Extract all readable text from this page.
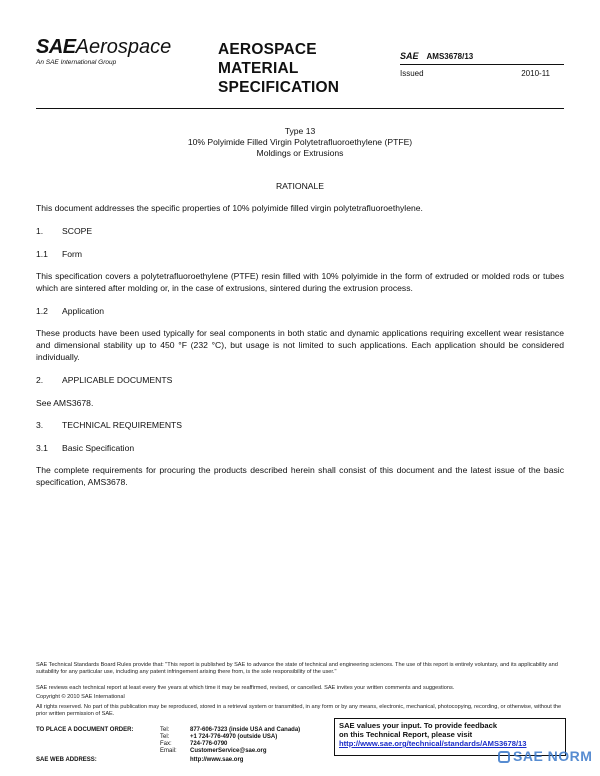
SAEAerospace
An SAE International Group
AEROSPACE
MATERIAL
SPECIFICATION
SAE AMS3678/13
Issued	2010-11
Type 13
10% Polyimide Filled Virgin Polytetrafluoroethylene (PTFE)
Moldings or Extrusions
RATIONALE
This document addresses the specific properties of 10% polyimide filled virgin polytetrafluoroethylene.
1.	SCOPE
1.1	Form
This specification covers a polytetrafluoroethylene (PTFE) resin filled with 10% polyimide in the form of extruded or molded rods or tubes which are sintered after molding or, in the case of extrusions, sintered during the extrusion process.
1.2	Application
These products have been used typically for seal components in both static and dynamic applications requiring excellent wear resistance and dimensional stability up to 450 °F (232 °C), but usage is not limited to such applications. Each application should be considered individually.
2.	APPLICABLE DOCUMENTS
See AMS3678.
3.	TECHNICAL REQUIREMENTS
3.1	Basic Specification
The complete requirements for procuring the products described herein shall consist of this document and the latest issue of the basic specification, AMS3678.
SAE Technical Standards Board Rules provide that: "This report is published by SAE to advance the state of technical and engineering sciences. The use of this report is entirely voluntary, and its applicability and suitability for any particular use, including any patent infringement arising there from, is the sole responsibility of the user."
SAE reviews each technical report at least every five years at which time it may be reaffirmed, revised, or cancelled. SAE invites your written comments and suggestions.
Copyright © 2010 SAE International
All rights reserved. No part of this publication may be reproduced, stored in a retrieval system or transmitted, in any form or by any means, electronic, mechanical, photocopying, recording, or otherwise, without the prior written permission of SAE.
TO PLACE A DOCUMENT ORDER:	Tel:	877-606-7323 (inside USA and Canada)
	Tel:	+1 724-776-4970 (outside USA)
	Fax:	724-776-0790
	Email:	CustomerService@sae.org
SAE WEB ADDRESS:	http://www.sae.org
SAE values your input. To provide feedback
on this Technical Report, please visit
http://www.sae.org/technical/standards/AMS3678/13
SAE NORM
